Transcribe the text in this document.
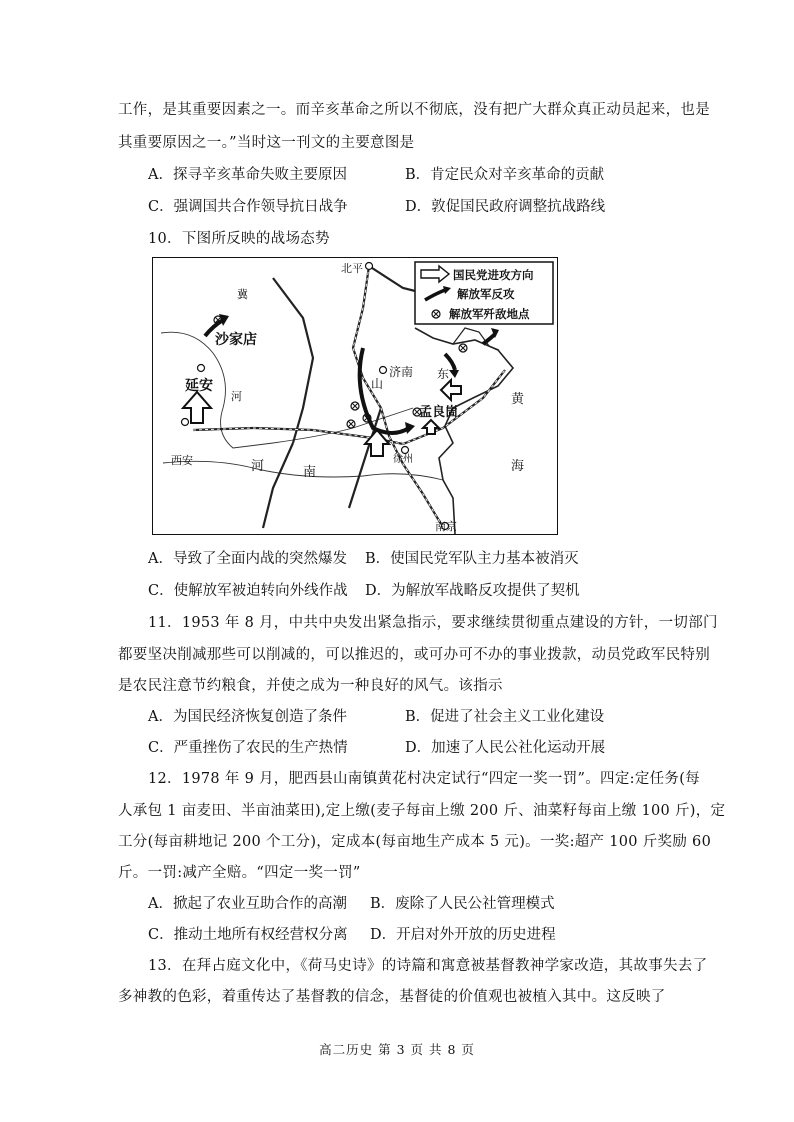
工作，是其重要因素之一。而辛亥革命之所以不彻底，没有把广大群众真正动员起来，也是
其重要原因之一。”当时这一刊文的主要意图是
A．探寻辛亥革命失败主要原因	B．肯定民众对辛亥革命的贡献
C．强调国共合作领导抗日战争	D．敦促国民政府调整抗战路线
10．下图所反映的战场态势
国民党进攻方向
解放军反攻
解放军歼敌地点
北平
沙家店
延安
西安
济南
山
东
孟良崮
黄
海
河	南
徐州
南京
冀
河
A．导致了全面内战的突然爆发 B．使国民党军队主力基本被消灭
C．使解放军被迫转向外线作战 D．为解放军战略反攻提供了契机
11．1953 年 8 月，中共中央发出紧急指示，要求继续贯彻重点建设的方针，一切部门
都要坚决削减那些可以削减的，可以推迟的，或可办可不办的事业拨款，动员党政军民特别
是农民注意节约粮食，并使之成为一种良好的风气。该指示
A．为国民经济恢复创造了条件	B．促进了社会主义工业化建设
C．严重挫伤了农民的生产热情	D．加速了人民公社化运动开展
12．1978 年 9 月，肥西县山南镇黄花村决定试行“四定一奖一罚”。四定:定任务(每
人承包 1 亩麦田、半亩油菜田),定上缴(麦子每亩上缴 200 斤、油菜籽每亩上缴 100 斤)，定
工分(每亩耕地记 200 个工分)，定成本(每亩地生产成本 5 元)。一奖:超产 100 斤奖励 60
斤。一罚:减产全赔。“四定一奖一罚”
A．掀起了农业互助合作的高潮 B．废除了人民公社管理模式
C．推动土地所有权经营权分离 D．开启对外开放的历史进程
13．在拜占庭文化中，《荷马史诗》的诗篇和寓意被基督教神学家改造，其故事失去了
多神教的色彩，着重传达了基督教的信念，基督徒的价值观也被植入其中。这反映了
高二历史 第 3 页 共 8 页
